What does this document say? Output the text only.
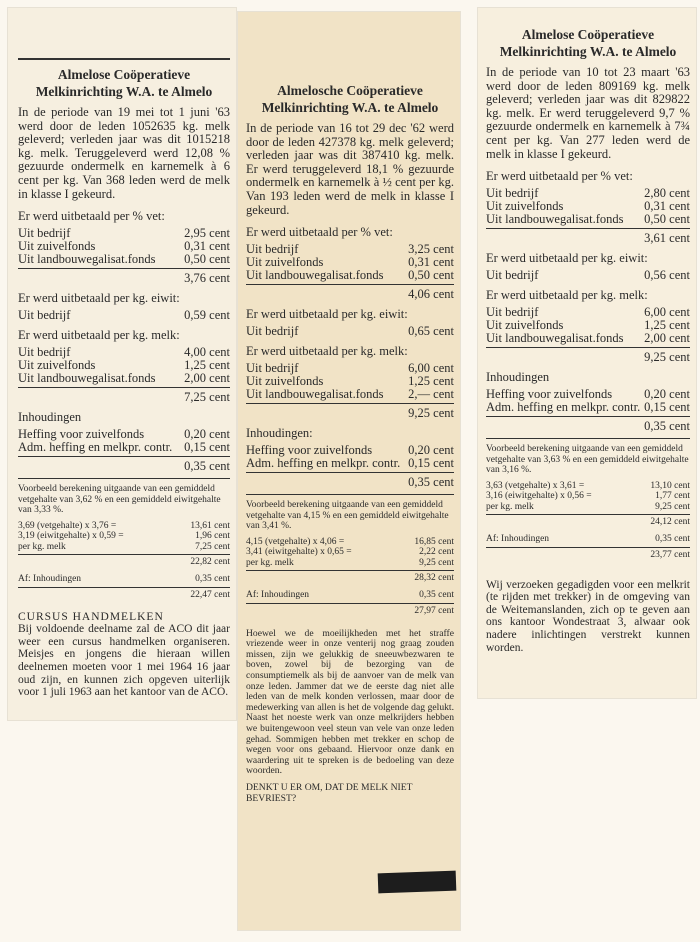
Almelose Coöperatieve Melkinrichting W.A. te Almelo

In de periode van 19 mei tot 1 juni '63 werd door de leden 1052635 kg. melk geleverd; verleden jaar was dit 1015218 kg. melk. Teruggeleverd werd 12,08 % gezuurde ondermelk en karnemelk à 6 cent per kg. Van 368 leden werd de melk in klasse I gekeurd.

Er werd uitbetaald per % vet:
Uit bedrijf	2,95 cent
Uit zuivelfonds	0,31 cent
Uit landbouwegalisat.fonds 0,50 cent
3,76 cent
Er werd uitbetaald per kg. eiwit:
Uit bedrijf	0,59 cent
Er werd uitbetaald per kg. melk:
Uit bedrijf	4,00 cent
Uit zuivelfonds	1,25 cent
Uit landbouwegalisat.fonds 2,00 cent
7,25 cent
Inhoudingen
Heffing voor zuivelfonds	0,20 cent
Adm. heffing en melkpr. contr. 0,15 cent
0,35 cent
Voorbeeld berekening uitgaande van een gemiddeld vetgehalte van 3,62 % en een gemiddeld eiwitgehalte van 3,33 %.
3,69 (vetgehalte) x 3,76 =	13,61 cent
3,19 (eiwitgehalte) x 0,59 =	1,96 cent
per kg. melk	7,25 cent
22,82 cent
Af: Inhoudingen	0,35 cent
22,47 cent
CURSUS HANDMELKEN
Bij voldoende deelname zal de ACO dit jaar weer een cursus handmelken organiseren. Meisjes en jongens die hieraan willen deelnemen moeten voor 1 mei 1964 16 jaar oud zijn, en kunnen zich opgeven uiterlijk voor 1 juli 1963 aan het kantoor van de ACO.
Almelosche Coöperatieve Melkinrichting W.A. te Almelo

In de periode van 16 tot 29 dec '62 werd door de leden 427378 kg. melk geleverd; verleden jaar was dit 387410 kg. melk. Er werd teruggeleverd 18,1 % gezuurde ondermelk en karnemelk à ½ cent per kg. Van 193 leden werd de melk in klasse I gekeurd.

Er werd uitbetaald per % vet:
Uit bedrijf	3,25 cent
Uit zuivelfonds	0,31 cent
Uit landbouwegalisat.fonds 0,50 cent
4,06 cent
Er werd uitbetaald per kg. eiwit:
Uit bedrijf	0,65 cent
Er werd uitbetaald per kg. melk:
Uit bedrijf	6,00 cent
Uit zuivelfonds	1,25 cent
Uit landbouwegalisat.fonds 2,— cent
9,25 cent
Inhoudingen:
Heffing voor zuivelfonds	0,20 cent
Adm. heffing en melkpr. contr. 0,15 cent
0,35 cent
Voorbeeld berekening uitgaande van een gemiddeld vetgehalte van 4,15 % en een gemiddeld eiwitgehalte van 3,41 %.
4,15 (vetgehalte) x 4,06 =	16,85 cent
3,41 (eiwitgehalte) x 0,65 =	2,22 cent
per kg. melk	9,25 cent
28,32 cent
Af: Inhoudingen	0,35 cent
27,97 cent
Hoewel we de moeilijkheden met het straffe vriezende weer in onze venterij nog graag zouden missen, zijn we gelukkig de sneeuwbezwaren te boven, zowel bij de bezorging van de consumptiemelk als bij de aanvoer van de melk van onze leden. Jammer dat we de eerste dag niet alle leden van de melk konden verlossen, maar door de medewerking van allen is het de volgende dag gelukt. Naast het noeste werk van onze melkrijders hebben we buitengewoon veel steun van vele van onze leden gehad. Sommigen hebben met trekker en schop de wegen voor ons gebaand. Hiervoor onze dank en waardering uit te spreken is de bedoeling van deze woorden.
DENKT U ER OM, DAT DE MELK NIET BEVRIEST?
Almelose Coöperatieve Melkinrichting W.A. te Almelo

In de periode van 10 tot 23 maart '63 werd door de leden 809169 kg. melk geleverd; verleden jaar was dit 829822 kg. melk. Er werd teruggeleverd 9,7 % gezuurde ondermelk en karnemelk à 7¾ cent per kg. Van 277 leden werd de melk in klasse I gekeurd.

Er werd uitbetaald per % vet:
Uit bedrijf	2,80 cent
Uit zuivelfonds	0,31 cent
Uit landbouwegalisat.fonds 0,50 cent
3,61 cent
Er werd uitbetaald per kg. eiwit:
Uit bedrijf	0,56 cent
Er werd uitbetaald per kg. melk:
Uit bedrijf	6,00 cent
Uit zuivelfonds	1,25 cent
Uit landbouwegalisat.fonds 2,00 cent
9,25 cent
Inhoudingen
Heffing voor zuivelfonds	0,20 cent
Adm. heffing en melkpr. contr. 0,15 cent
0,35 cent
Voorbeeld berekening uitgaande van een gemiddeld vetgehalte van 3,63 % en een gemiddeld eiwitgehalte van 3,16 %.
3,63 (vetgehalte) x 3,61 =	13,10 cent
3,16 (eiwitgehalte) x 0,56 =	1,77 cent
per kg. melk	9,25 cent
24,12 cent
Af: Inhoudingen	0,35 cent
23,77 cent
Wij verzoeken gegadigden voor een melkrit (te rijden met trekker) in de omgeving van de Weitemanslanden, zich op te geven aan ons kantoor Wondestraat 3, alwaar ook nadere inlichtingen verstrekt kunnen worden.
